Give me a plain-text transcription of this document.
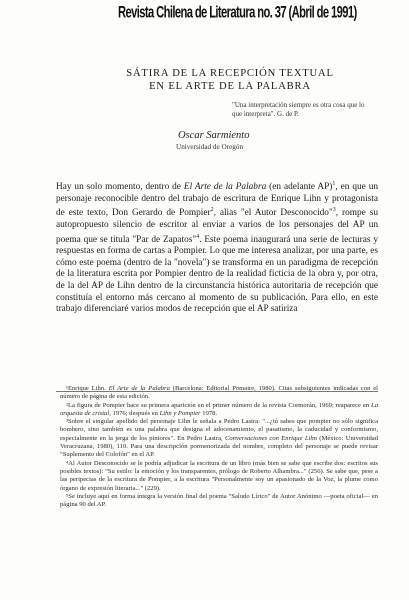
Revista Chilena de Literatura no. 37 (Abril de 1991)
SÁTIRA DE LA RECEPCIÓN TEXTUAL
EN EL ARTE DE LA PALABRA
"Una interpretación siempre es otra cosa que lo que interpreta". G. de P.
Oscar Sarmiento
Universidad de Oregón

Hay un solo momento, dentro de El Arte de la Palabra (en adelante AP)$^1$, en que un personaje reconocible dentro del trabajo de escritura de Enrique Lihn y protagonista de este texto, Don Gerardo de Pompier$^2$, alias "el Autor Desconocido"$^3$, rompe su autopropuesto silencio de escritor al enviar a varios de los personajes del AP un poema que se titula "Par de Zapatos"$^4$. Este poema inaugurará una serie de lecturas y respuestas en forma de cartas a Pompier. Lo que me interesa analizar, por una parte, es cómo este poema (dentro de la "novela") se transforma en un paradigma de recepción de la literatura escrita por Pompier dentro de la realidad ficticia de la obra y, por otra, de la del AP de Lihn dentro de la circunstancia histórica autoritaria de recepción que constituía el entorno más cercano al momento de su publicación. Para ello, en este trabajo diferenciaré varios modos de recepción que el AP satiriza

¹Enrique Lihn. El Arte de la Palabra (Barcelona: Editorial Pomaire, 1980). Citas subsiguientes indicadas con el número de página de esta edición.

²La figura de Pompier hace su primera aparición en el primer número de la revista Cormorán, 1969; reaparece en La orquesta de cristal, 1976; después en Lihn y Pompier 1978.

³Sobre el singular apellido del personaje Lihn le señala a Pedro Lastra: "...¿tú sabes que pompier no sólo significa bombero, sino también es una palabra que designa el adocenamiento, el pasatismo, la caducidad y conformismo, especialmente en la jerga de los pintores". En Pedro Lastra, Conversaciones con Enrique Lihn (México: Universidad Veracruzana, 1980), 110. Para una descripción pormenorizada del nombre, completo del personaje se puede revisar "Suplemento del Colofón" en el AP.

⁴Al Autor Desconocido se le podría adjudicar la escritura de un libro (más bien se sabe que escribe dos: escritos sus posibles textos): "Su estilo: la emoción y los transparentes, prólogo de Roberto Alhambra..." (256). Se sabe que, pese a las peripecias de la escritura de Pompier, a la escritura "Personalmente soy un apasionado de la Voz, la plume como órgano de expresión literaria..." (229).

⁵Se incluye aquí en forma íntegra la versión final del poema "Saludo Lírico" de Autor Anónimo —poeta oficial— en página 90 del AP.
